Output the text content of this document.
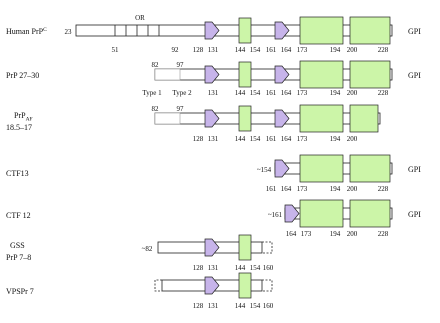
Human PrP$^C$	23
OR
GPI
51	92 128 131 144 154 161 164 173	194 200	228
PrP 27–30
82	97
GPI
Type 1 Type 2 131 144 154 161 164 173	194 200	228
PrP$_{AF}$
18.5–17
82	97
128 131 144 154 161 164 173	194 200
CTF13	~154	GPI
161 164 173	194 200	228
CTF 12	~161	GPI
164 173	194 200	228
GSS
PrP 7–8
~82
128 131 144 154 160
VPSPr 7
128 131 144 154 160
